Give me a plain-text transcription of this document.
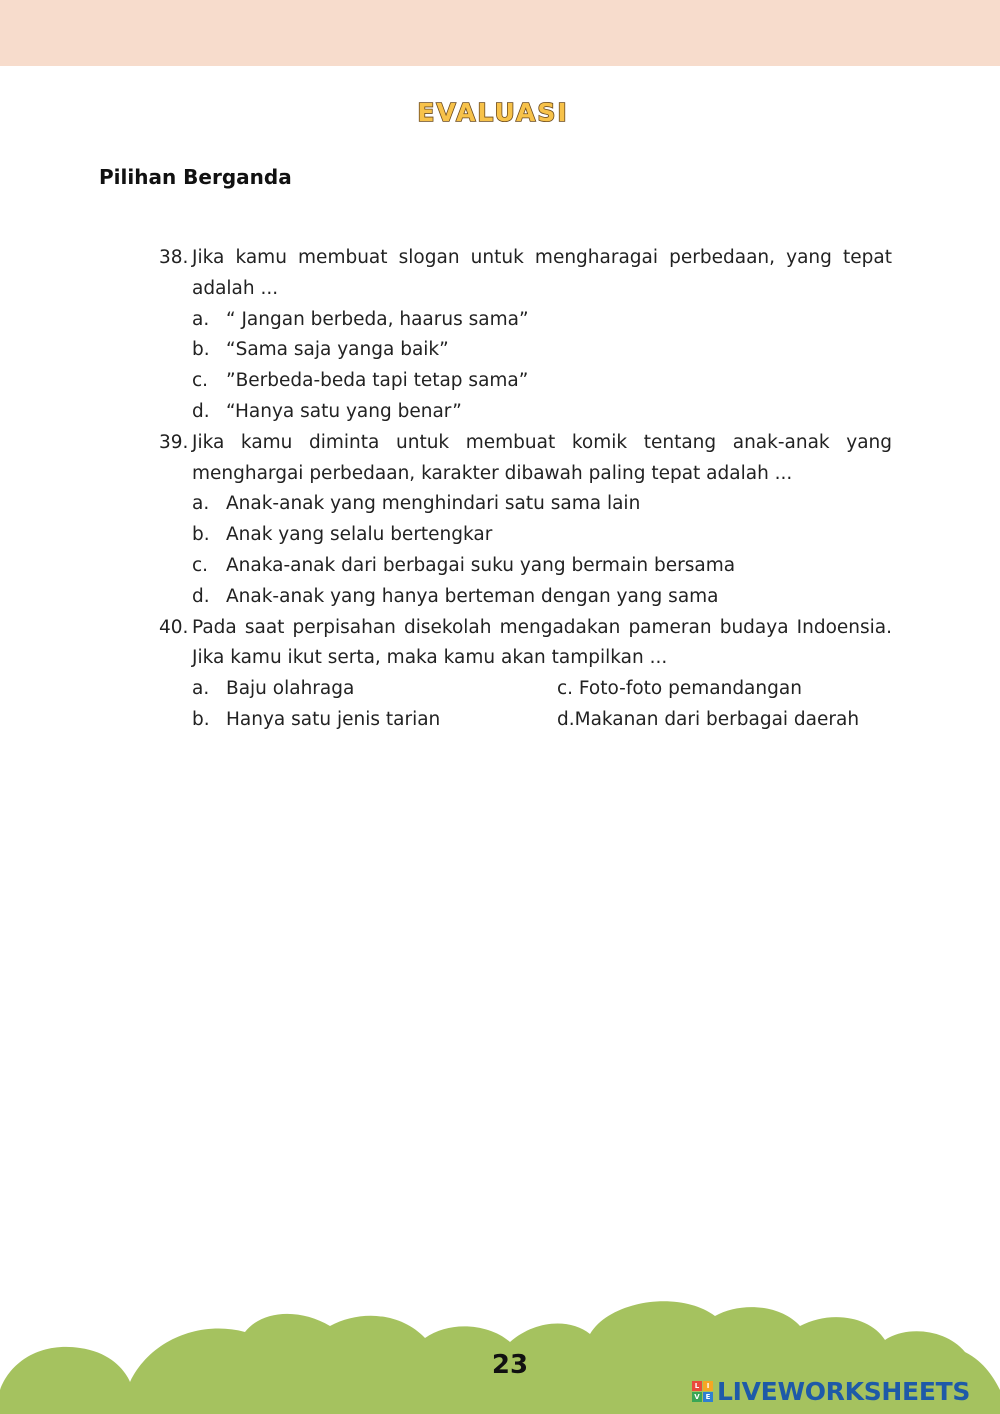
EVALUASI
Pilihan Berganda
38. Jika kamu membuat slogan untuk mengharagai perbedaan, yang tepat adalah ...
a. “ Jangan berbeda, haarus sama”
b. “Sama saja yanga baik”
c. ”Berbeda-beda tapi tetap sama”
d. “Hanya satu yang benar”
39. Jika kamu diminta untuk membuat komik tentang anak-anak yang menghargai perbedaan, karakter dibawah paling tepat adalah ...
a. Anak-anak yang menghindari satu sama lain
b. Anak yang selalu bertengkar
c. Anaka-anak dari berbagai suku yang bermain bersama
d. Anak-anak yang hanya berteman dengan yang sama
40. Pada saat perpisahan disekolah mengadakan pameran budaya Indoensia. Jika kamu ikut serta, maka kamu akan tampilkan ...
a. Baju olahraga	c. Foto-foto pemandangan
b. Hanya satu jenis tarian	d.Makanan dari berbagai daerah
23
L	I
V E LIVEWORKSHEETS
